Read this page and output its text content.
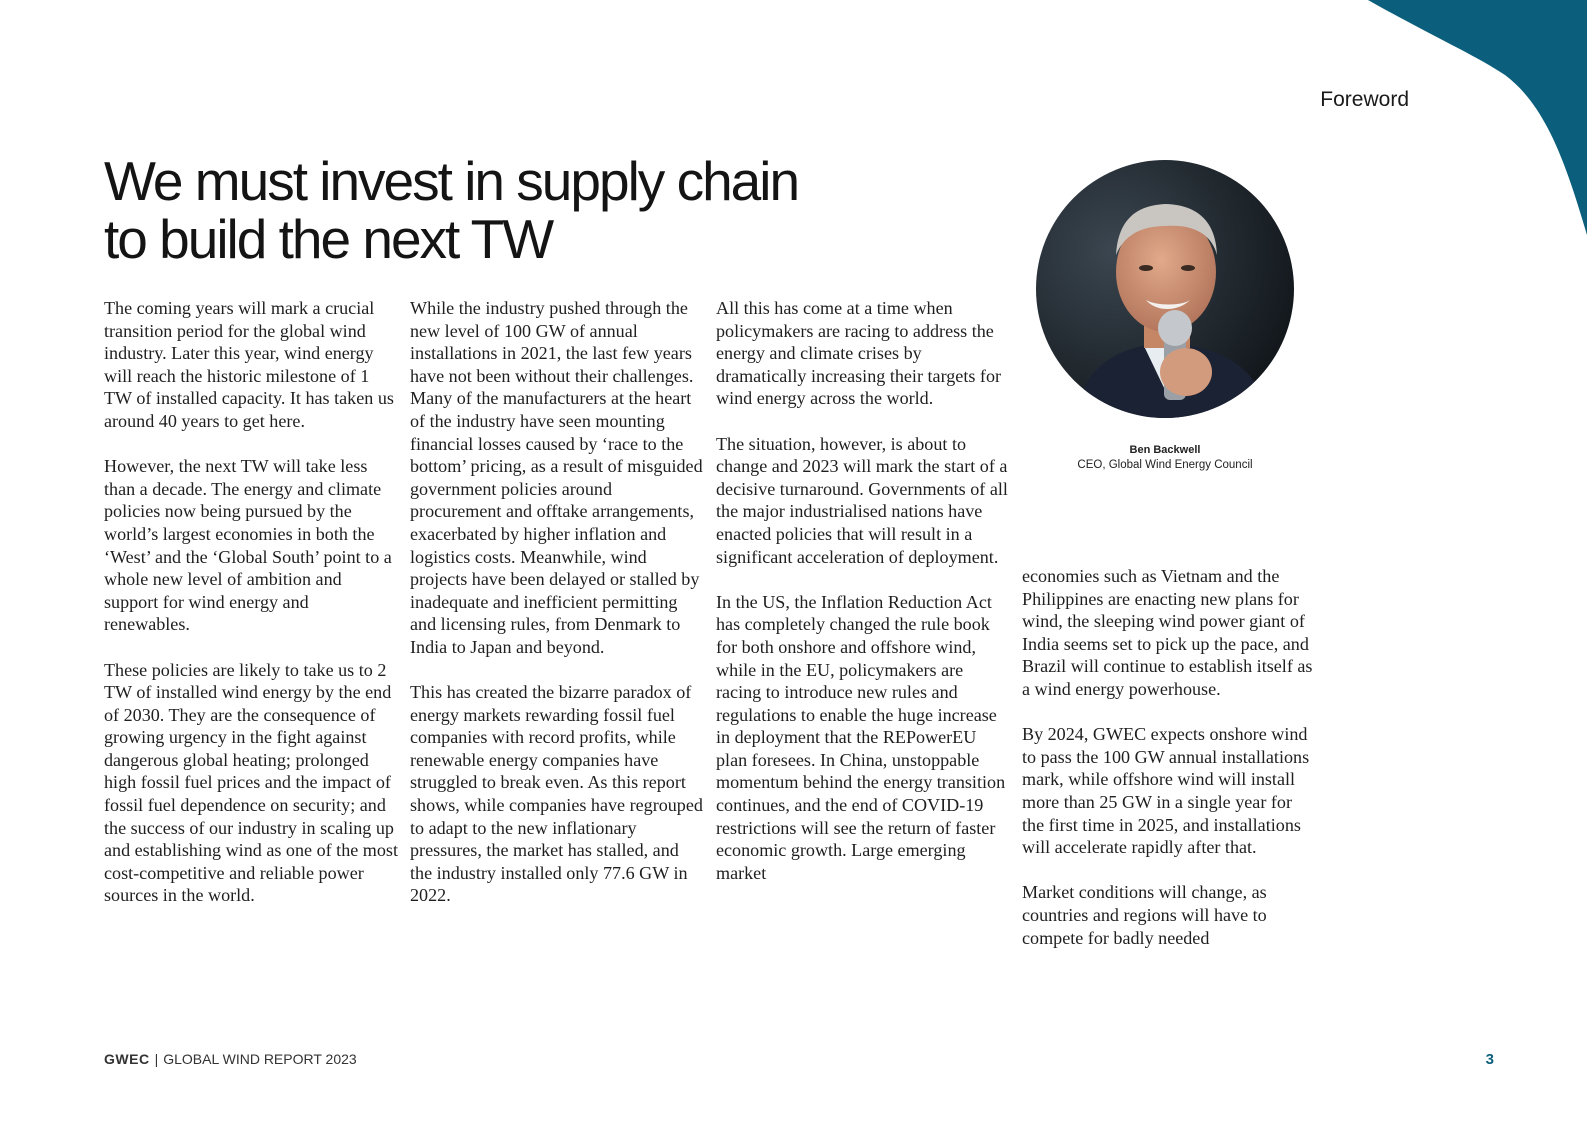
Foreword
We must invest in supply chain
to build the next TW

The coming years will mark a crucial transition period for the global wind industry. Later this year, wind energy will reach the historic milestone of 1 TW of installed capacity. It has taken us around 40 years to get here.

However, the next TW will take less than a decade. The energy and climate policies now being pursued by the world’s largest economies in both the ‘West’ and the ‘Global South’ point to a whole new level of ambition and support for wind energy and renewables.

These policies are likely to take us to 2 TW of installed wind energy by the end of 2030. They are the consequence of growing urgency in the fight against dangerous global heating; prolonged high fossil fuel prices and the impact of fossil fuel dependence on security; and the success of our industry in scaling up and establishing wind as one of the most cost-competitive and reliable power sources in the world.

While the industry pushed through the new level of 100 GW of annual installations in 2021, the last few years have not been without their challenges. Many of the manufacturers at the heart of the industry have seen mounting financial losses caused by ‘race to the bottom’ pricing, as a result of misguided government policies around procurement and offtake arrangements, exacerbated by higher inflation and logistics costs. Meanwhile, wind projects have been delayed or stalled by inadequate and inefficient permitting and licensing rules, from Denmark to India to Japan and beyond.

This has created the bizarre paradox of energy markets rewarding fossil fuel companies with record profits, while renewable energy companies have struggled to break even. As this report shows, while companies have regrouped to adapt to the new inflationary pressures, the market has stalled, and the industry installed only 77.6 GW in 2022.

All this has come at a time when policymakers are racing to address the energy and climate crises by dramatically increasing their targets for wind energy across the world.

The situation, however, is about to change and 2023 will mark the start of a decisive turnaround. Governments of all the major industrialised nations have enacted policies that will result in a significant acceleration of deployment.

In the US, the Inflation Reduction Act has completely changed the rule book for both onshore and offshore wind, while in the EU, policymakers are racing to introduce new rules and regulations to enable the huge increase in deployment that the REPowerEU plan foresees. In China, unstoppable momentum behind the energy transition continues, and the end of COVID-19 restrictions will see the return of faster economic growth. Large emerging market

economies such as Vietnam and the Philippines are enacting new plans for wind, the sleeping wind power giant of India seems set to pick up the pace, and Brazil will continue to establish itself as a wind energy powerhouse.

By 2024, GWEC expects onshore wind to pass the 100 GW annual installations mark, while offshore wind will install more than 25 GW in a single year for the first time in 2025, and installations will accelerate rapidly after that.

Market conditions will change, as countries and regions will have to compete for badly needed

Ben Backwell
CEO, Global Wind Energy Council
GWEC | GLOBAL WIND REPORT 2023	3
